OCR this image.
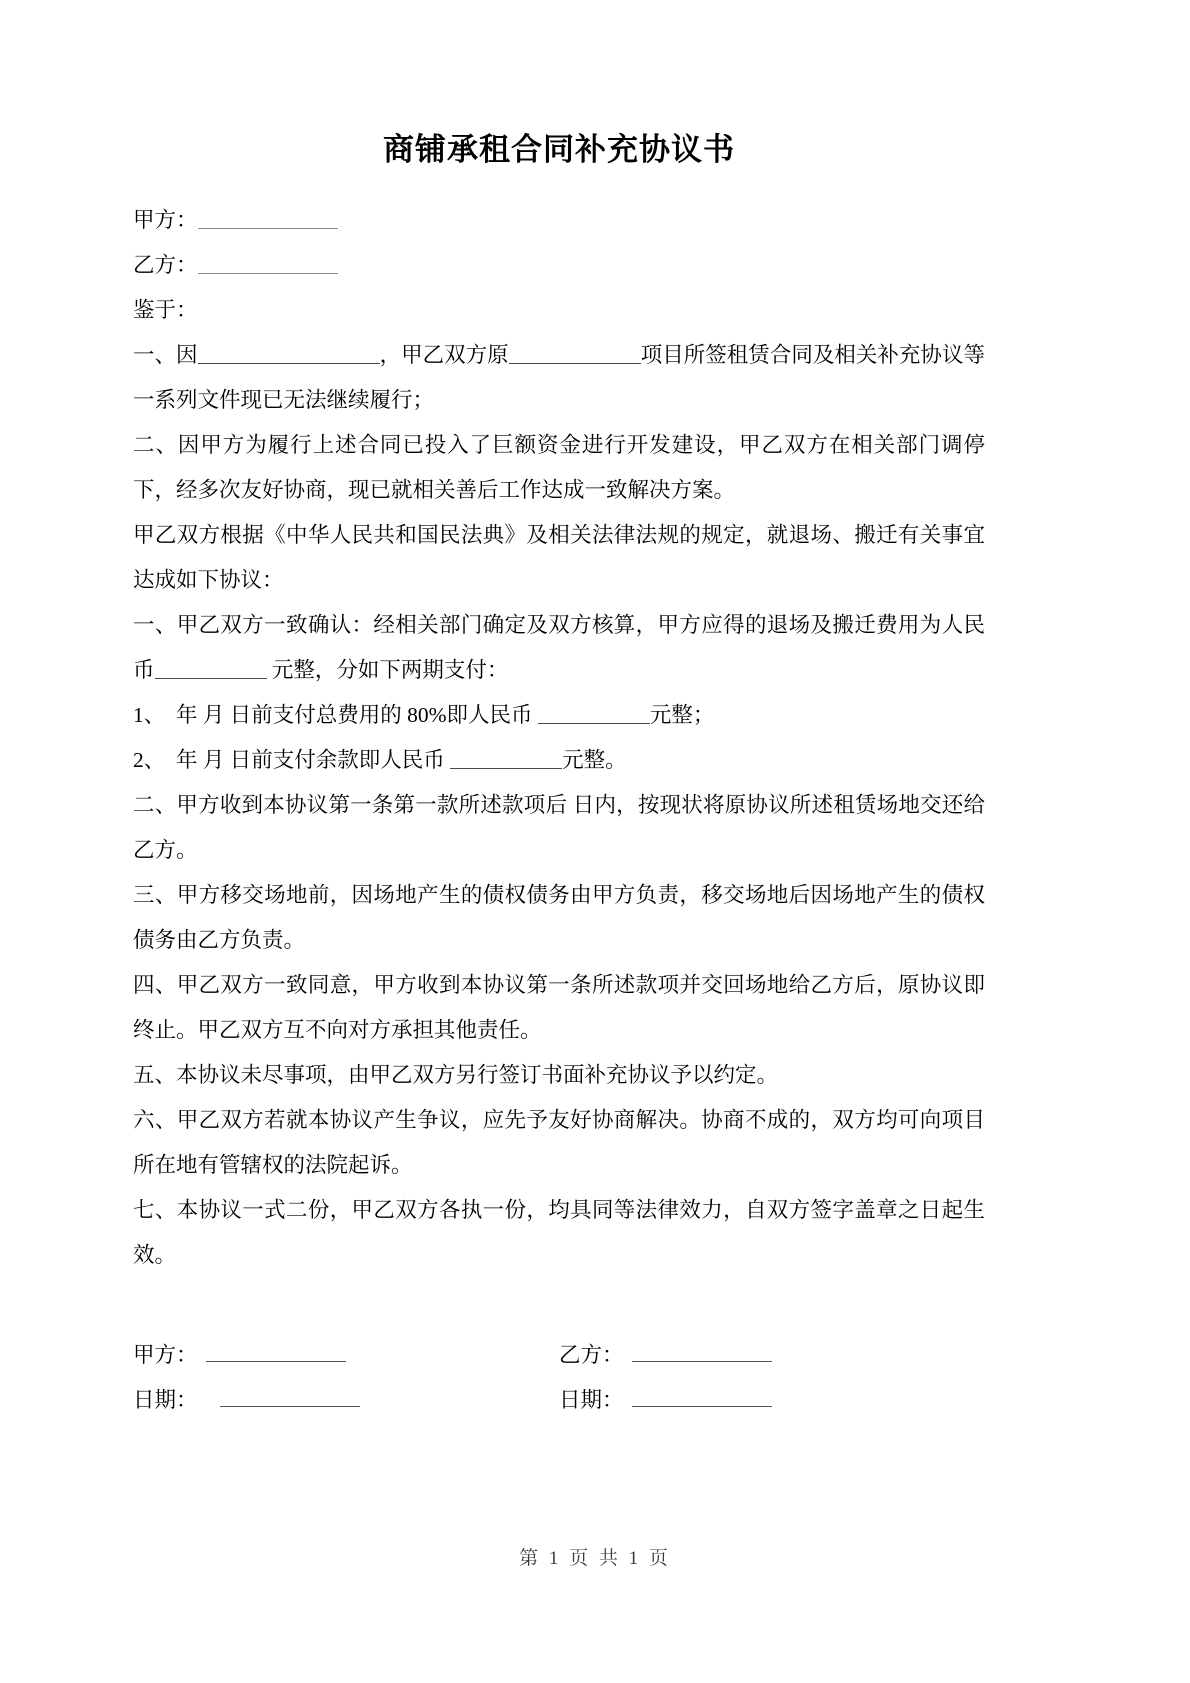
商铺承租合同补充协议书

甲方：

乙方：

鉴于：

一、因	，甲乙双方原	项目所签租赁合同及相关补充协议等一系列文件现已无法继续履行；

二、因甲方为履行上述合同已投入了巨额资金进行开发建设，甲乙双方在相关部门调停下，经多次友好协商，现已就相关善后工作达成一致解决方案。

甲乙双方根据《中华人民共和国民法典》及相关法律法规的规定，就退场、搬迁有关事宜达成如下协议：

一、甲乙双方一致确认：经相关部门确定及双方核算，甲方应得的退场及搬迁费用为人民币	元整，分如下两期支付：

1、　年 月 日前支付总费用的 80%即人民币	元整；

2、　年 月 日前支付余款即人民币	元整。

二、甲方收到本协议第一条第一款所述款项后 日内，按现状将原协议所述租赁场地交还给乙方。

三、甲方移交场地前，因场地产生的债权债务由甲方负责，移交场地后因场地产生的债权债务由乙方负责。

四、甲乙双方一致同意，甲方收到本协议第一条所述款项并交回场地给乙方后，原协议即终止。甲乙双方互不向对方承担其他责任。

五、本协议未尽事项，由甲乙双方另行签订书面补充协议予以约定。

六、甲乙双方若就本协议产生争议，应先予友好协商解决。协商不成的，双方均可向项目所在地有管辖权的法院起诉。

七、本协议一式二份，甲乙双方各执一份，均具同等法律效力，自双方签字盖章之日起生效。

甲方：	乙方：
日期：	日期：
第 1 页 共 1 页
